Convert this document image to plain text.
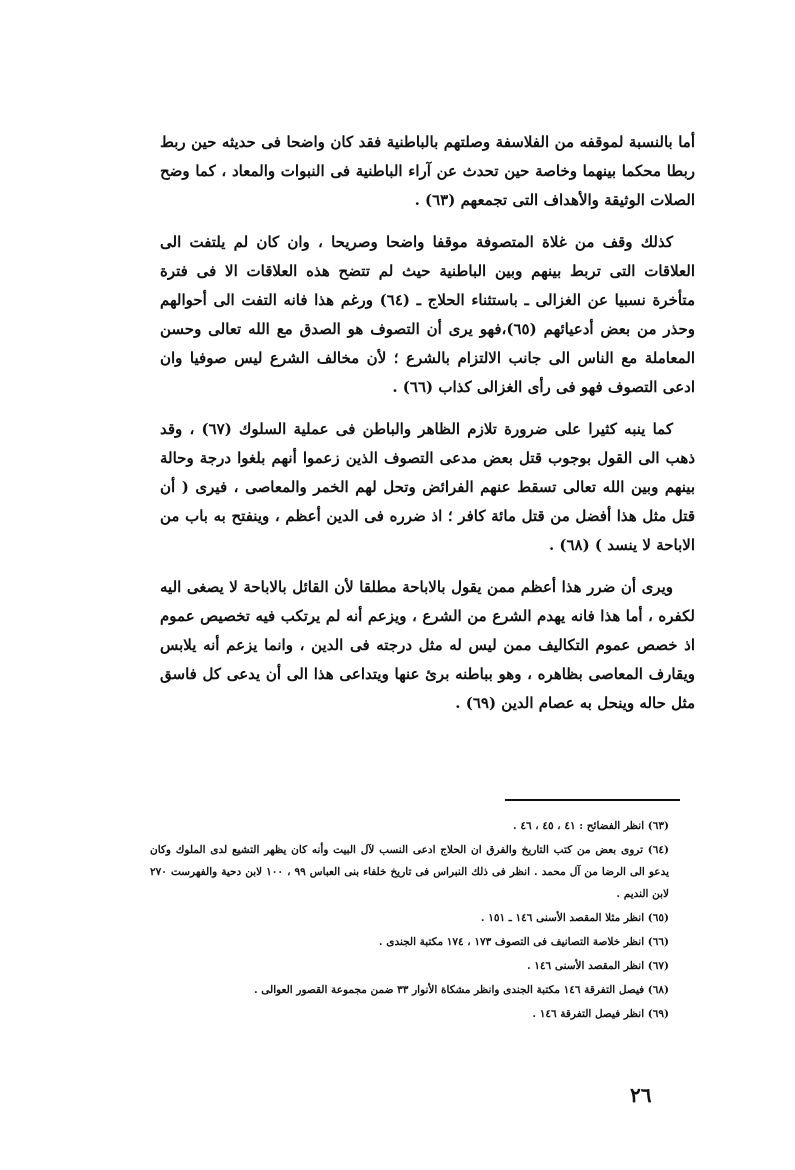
أما بالنسبة لموقفه من الفلاسفة وصلتهم بالباطنية فقد كان واضحا فى حديثه حين ربط ربطا محكما بينهما وخاصة حين تحدث عن آراء الباطنية فى النبوات والمعاد ، كما وضح الصلات الوثيقة والأهداف التى تجمعهم (٦٣) .

كذلك وقف من غلاة المتصوفة موقفا واضحا وصريحا ، وان كان لم يلتفت الى العلاقات التى تربط بينهم وبين الباطنية حيث لم تتضح هذه العلاقات الا فى فترة متأخرة نسبيا عن الغزالى ـ باستثناء الحلاج ـ (٦٤) ورغم هذا فانه التفت الى أحوالهم وحذر من بعض أدعيائهم (٦٥)،فهو يرى أن التصوف هو الصدق مع الله تعالى وحسن المعاملة مع الناس الى جانب الالتزام بالشرع ؛ لأن مخالف الشرع ليس صوفيا وان ادعى التصوف فهو فى رأى الغزالى كذاب (٦٦) .

كما ينبه كثيرا على ضرورة تلازم الظاهر والباطن فى عملية السلوك (٦٧) ، وقد ذهب الى القول بوجوب قتل بعض مدعى التصوف الذين زعموا أنهم بلغوا درجة وحالة بينهم وبين الله تعالى تسقط عنهم الفرائض وتحل لهم الخمر والمعاصى ، فيرى ( أن قتل مثل هذا أفضل من قتل مائة كافر ؛ اذ ضرره فى الدين أعظم ، وينفتح به باب من الاباحة لا ينسد ) (٦٨) .

ويرى أن ضرر هذا أعظم ممن يقول بالاباحة مطلقا لأن القائل بالاباحة لا يصغى اليه لكفره ، أما هذا فانه يهدم الشرع من الشرع ، ويزعم أنه لم يرتكب فيه تخصيص عموم اذ خصص عموم التكاليف ممن ليس له مثل درجته فى الدين ، وانما يزعم أنه يلابس ويقارف المعاصى بظاهره ، وهو بباطنه برئ عنها ويتداعى هذا الى أن يدعى كل فاسق مثل حاله وينحل به عصام الدين (٦٩) .

(٦٣) انظر الفضائح : ٤١ ، ٤٥ ، ٤٦ .
(٦٤) تروى بعض من كتب التاريخ والفرق ان الحلاج ادعى النسب لآل البيت وأنه كان يظهر التشيع لدى الملوك وكان يدعو الى الرضا من آل محمد . انظر فى ذلك النبراس فى تاريخ خلفاء بنى العباس ٩٩ ، ١٠٠ لابن دحية والفهرست ٢٧٠ لابن النديم .
(٦٥) انظر مثلا المقصد الأسنى ١٤٦ ـ ١٥١ .
(٦٦) انظر خلاصة التصانيف فى التصوف ١٧٣ ، ١٧٤ مكتبة الجندى .
(٦٧) انظر المقصد الأسنى ١٤٦ .
(٦٨) فيصل التفرقة ١٤٦ مكتبة الجندى وانظر مشكاة الأنوار ٣٣ ضمن مجموعة القصور العوالى .
(٦٩) انظر فيصل التفرقة ١٤٦ .
٢٦
